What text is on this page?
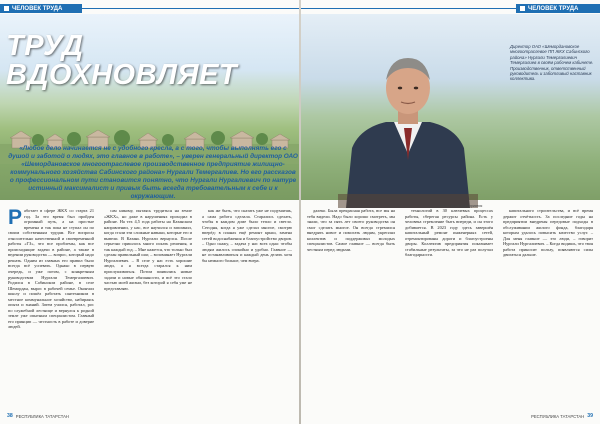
ЧЕЛОВЕК ТРУДА
ТРУД
ВДОХНОВЛЯЕТ
«Любое дело начинается не с удобного кресла, а с того, чтобы выполнять его с душой и заботой о людях, это главное в работе», – уверен генеральный директор ОАО «Шемордановское многоотраслевое производственное предприятие жилищно-коммунального хозяйства Сабинского района» Нургали Темергалиев. Но его рассказов о профессиональном пути становится понятно, что Нургали Нургалиевич по натуре истинный максималист и привык быть всегда требовательным к себе и к окружающим.
Р аботает в сфере ЖКХ со старта 21 год. За это время был пройден огромный путь, а на простые времена и так пока не ступал он по своим собственным трудам. Все вопросы относительно качественной и своевременной работы «ГЗ», что все проблемы, как все происходящие задачи в районе, а также в ведении руководства — вопрос, который надо решать. Одним из главных его правил было всегда всё успевать. Однако в первую очередь, и уже потом, с конкретным руководством Нургали Темергалиевич. Родился в Сабинском районе, в селе Шемордан, вырос в рабочей семье. Окончил школу и пошёл работать сантехником в местное коммунальное хозяйство, набираясь опыта и знаний. Затем учился, работал, рос по служебной лестнице и вернулся к родной земле уже опытным специалистом. Главный его принцип — честность в работе и доверие людей.

сам никому, пытаясь трудиться на земле «ЖКХ», но даже в нарушениях проходил в районе. На тех 4,5 года работы на Казанском направлении, у нас, все научился и запомнил, когда стали эти сложные навыки, которые его и вывели. В Казань Нургали вернулся. После серьезно пришлось много искать решения, и так каждый год. – Мне кажется, что только был сделан правильный шаг, – вспоминает Нургали Нургалиевич. – В селе у нас есть хорошие люди, а я всегда старался к ним прислушиваться. Потом появились новые задачи и новые обязанности, и всё это стало частью моей жизни, без которой я себя уже не представляю.

как же быть, что сказать уже не подумаешь, а сама работа сделала. Старались сделать, чтобы в каждом доме было тепло и светло. Сегодня, когда я уже сделал многое, смотрю вперёд: в планах ещё ремонт крыш, замена сетей водоснабжения и благоустройство дворов. – Одно скажу, – задача у нас всех одна: чтобы людям жилось спокойно и удобно. Главное — не останавливаться и каждый день делать хотя бы немного больше, чем вчера.

38 РЕСПУБЛИКА ТАТАРСТАН
ЧЕЛОВЕК ТРУДА
Директор ОАО «Шемордановское многоотраслевое ПП ЖКХ Сабинского района» Нургали Темергалиевич Темергалиев в своём рабочем кабинете. Производственник, ответственный руководитель и заботливый наставник коллектива.
Фото: архив предприятия

далеко. Была прекрасная работа, все мы на тебя видели. Надо было хорошо смотреть, мы знали, что за пять лет своего руководства он смог сделать многое. Он всегда стремился внедрять новое и помогать людям, укреплял коллектив и поддерживал молодых специалистов. Самое главное — всегда быть честным перед людьми.

технологий в 30 ключевых процессах работы, сберегая ресурсы района. Есть у человека стремление быть впереди, и он этого добивается. В 2023 году здесь завершён капитальный ремонт инженерных сетей, отремонтированы дороги и благоустроены дворы. Коллектив предприятия показывает стабильные результаты, за что не раз получал благодарности.

капитального строительства, и всё время держит отчётность. За последние годы на предприятии внедрены передовые подходы в обслуживании жилого фонда, благодаря которым удалось повысить качество услуг. – Для меня главное — это люди, – говорит Нургали Нургалиевич. – Когда видишь, что твоя работа приносит пользу, появляются силы двигаться дальше.

РЕСПУБЛИКА ТАТАРСТАН 39
